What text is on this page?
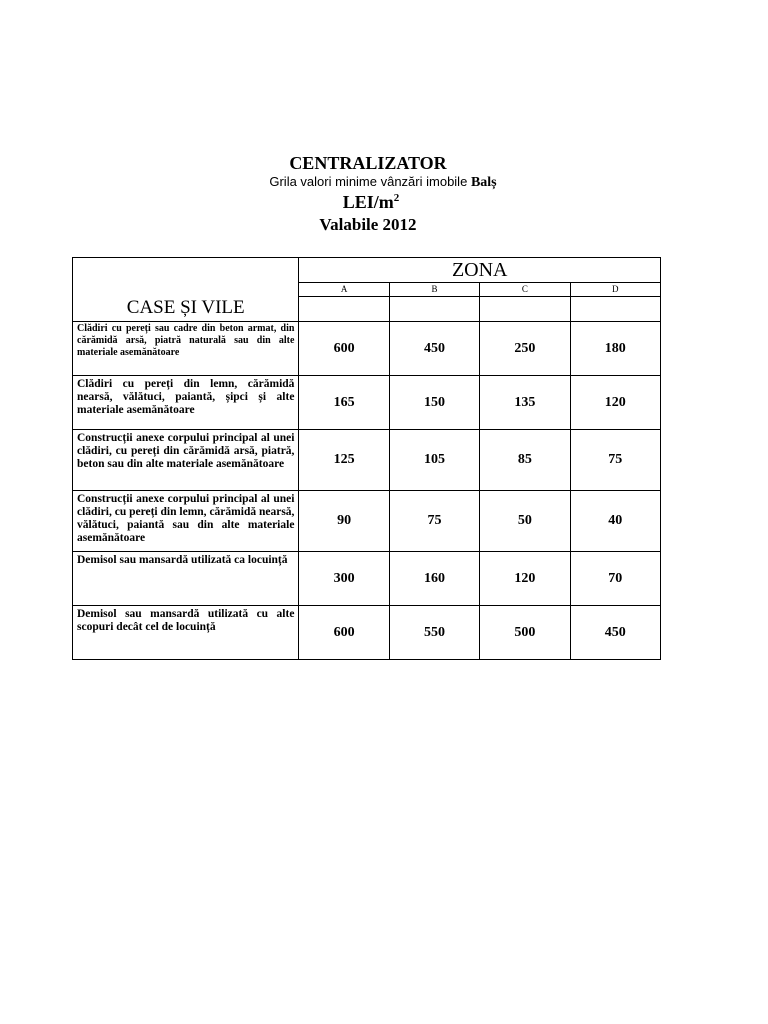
CENTRALIZATOR
Grila valori minime vânzări imobile Balș
LEI/$m^2$
Valabile 2012
CASE ȘI VILE	ZONA			
	A	B	C	D

Clădiri cu pereți sau cadre din beton armat, din cărămidă arsă, piatră naturală sau din alte materiale asemănătoare	600	450	250	180
Clădiri cu pereți din lemn, cărămidă nearsă, vălătuci, paiantă, șipci și alte materiale asemănătoare	165	150	135	120
Construcții anexe corpului principal al unei clădiri, cu pereți din cărămidă arsă, piatră, beton sau din alte materiale asemănătoare	125	105	85	75
Construcții anexe corpului principal al unei clădiri, cu pereți din lemn, cărămidă nearsă, vălătuci, paiantă sau din alte materiale asemănătoare	90	75	50	40
Demisol sau mansardă utilizată ca locuință	300	160	120	70
Demisol sau mansardă utilizată cu alte scopuri decât cel de locuință	600	550	500	450
